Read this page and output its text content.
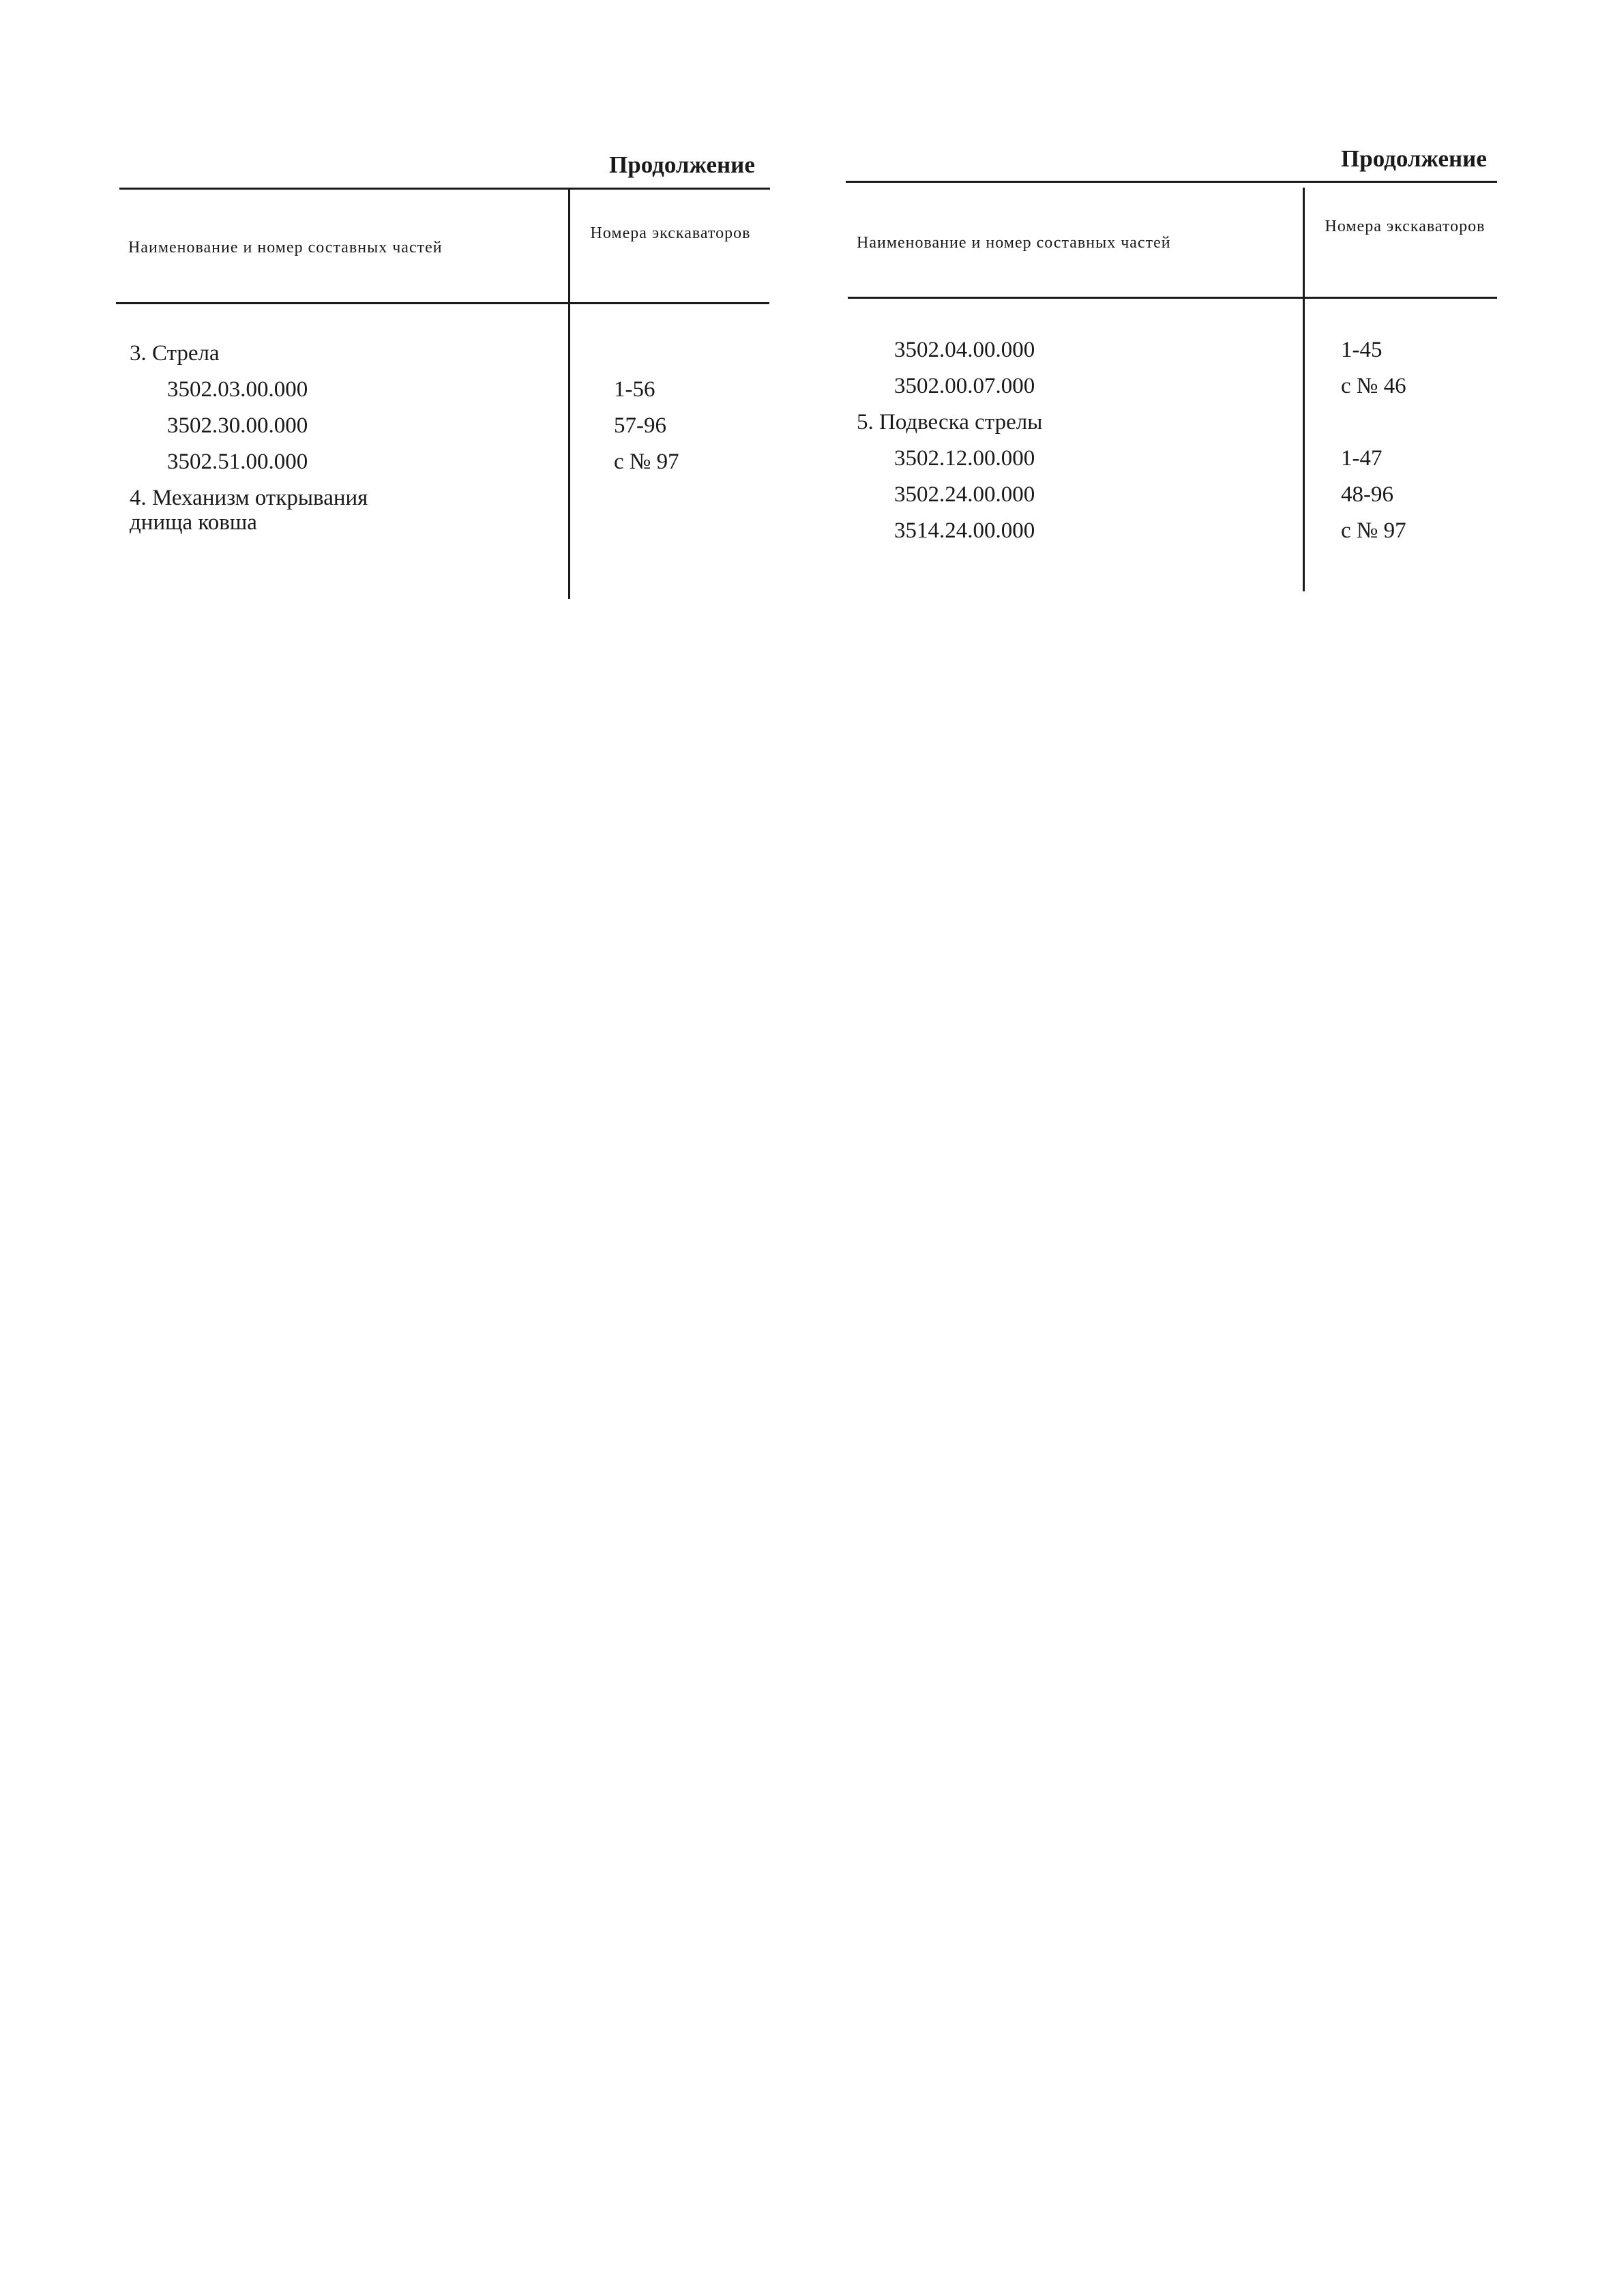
Продолжение
Наименование и номер составных частей
Номера экскаваторов
3. Стрела
3502.03.00.000	1-56
3502.30.00.000	57-96
3502.51.00.000	с № 97
4. Механизм открывания
днища ковша
Продолжение
Наименование и номер составных частей
Номера экскаваторов
3502.04.00.000	1-45
3502.00.07.000	с № 46
5. Подвеска стрелы
3502.12.00.000	1-47
3502.24.00.000	48-96
3514.24.00.000	с № 97
